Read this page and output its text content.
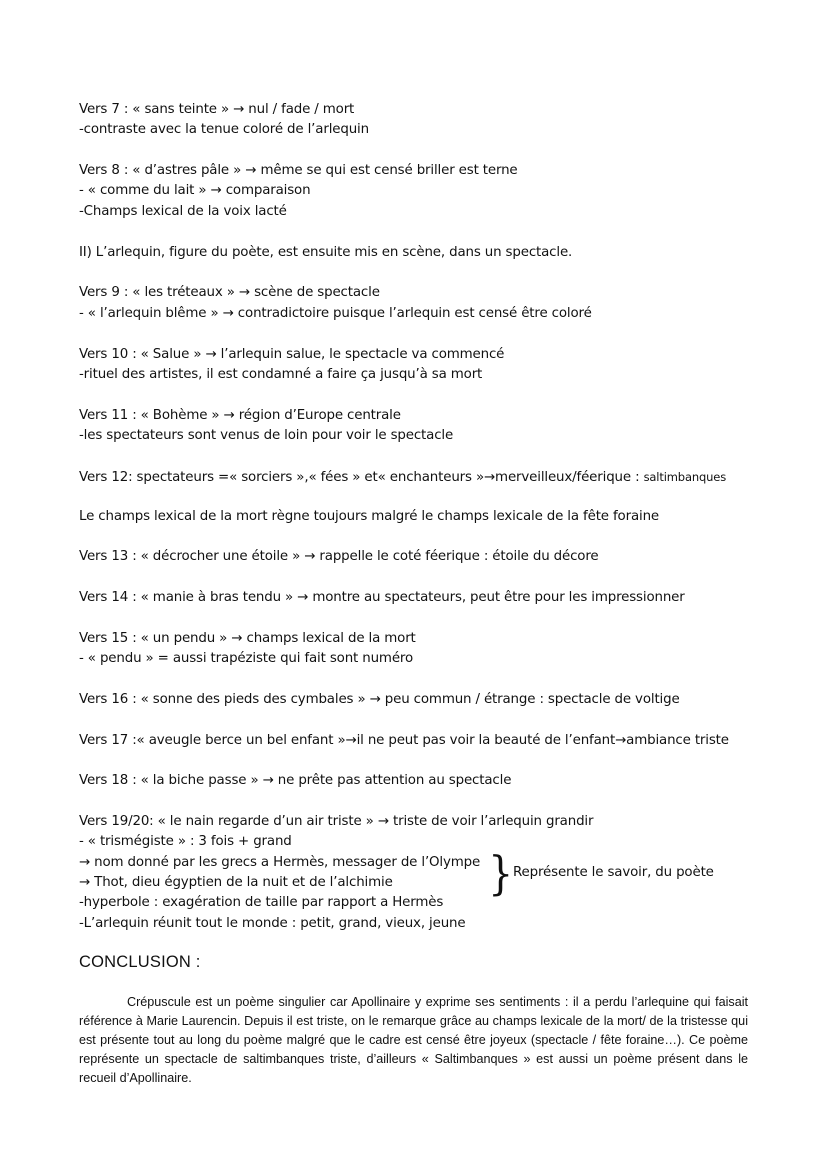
Vers 7 : « sans teinte » → nul / fade / mort
-contraste avec la tenue coloré de l’arlequin
Vers 8 : « d’astres pâle » → même se qui est censé briller est terne
- « comme du lait » → comparaison
-Champs lexical de la voix lacté
II) L’arlequin, figure du poète, est ensuite mis en scène, dans un spectacle.
Vers 9 : « les tréteaux » → scène de spectacle
- « l’arlequin blême » → contradictoire puisque l’arlequin est censé être coloré
Vers 10 : « Salue » → l’arlequin salue, le spectacle va commencé
-rituel des artistes, il est condamné a faire ça jusqu’à sa mort
Vers 11 : « Bohème » → région d’Europe centrale
-les spectateurs sont venus de loin pour voir le spectacle
Vers 12: spectateurs =« sorciers »,« fées » et« enchanteurs »→merveilleux/féerique : saltimbanques
Le champs lexical de la mort règne toujours malgré le champs lexicale de la fête foraine
Vers 13 : « décrocher une étoile » → rappelle le coté féerique : étoile du décore
Vers 14 : « manie à bras tendu » → montre au spectateurs, peut être pour les impressionner
Vers 15 : « un pendu » → champs lexical de la mort
- « pendu » = aussi trapéziste qui fait sont numéro
Vers 16 : « sonne des pieds des cymbales » → peu commun / étrange : spectacle de voltige
Vers 17 :« aveugle berce un bel enfant »→il ne peut pas voir la beauté de l’enfant→ambiance triste
Vers 18 : « la biche passe » → ne prête pas attention au spectacle
Vers 19/20: « le nain regarde d’un air triste » → triste de voir l’arlequin grandir
- « trismégiste » : 3 fois + grand
→ nom donné par les grecs a Hermès, messager de l’Olympe
→ Thot, dieu égyptien de la nuit et de l’alchimie
-hyperbole : exagération de taille par rapport a Hermès
-L’arlequin réunit tout le monde : petit, grand, vieux, jeune
} Représente le savoir, du poète
CONCLUSION :

Crépuscule est un poème singulier car Apollinaire y exprime ses sentiments : il a perdu l’arlequine qui faisait référence à Marie Laurencin. Depuis il est triste, on le remarque grâce au champs lexicale de la mort/ de la tristesse qui est présente tout au long du poème malgré que le cadre est censé être joyeux (spectacle / fête foraine…). Ce poème représente un spectacle de saltimbanques triste, d’ailleurs « Saltimbanques » est aussi un poème présent dans le recueil d’Apollinaire.
